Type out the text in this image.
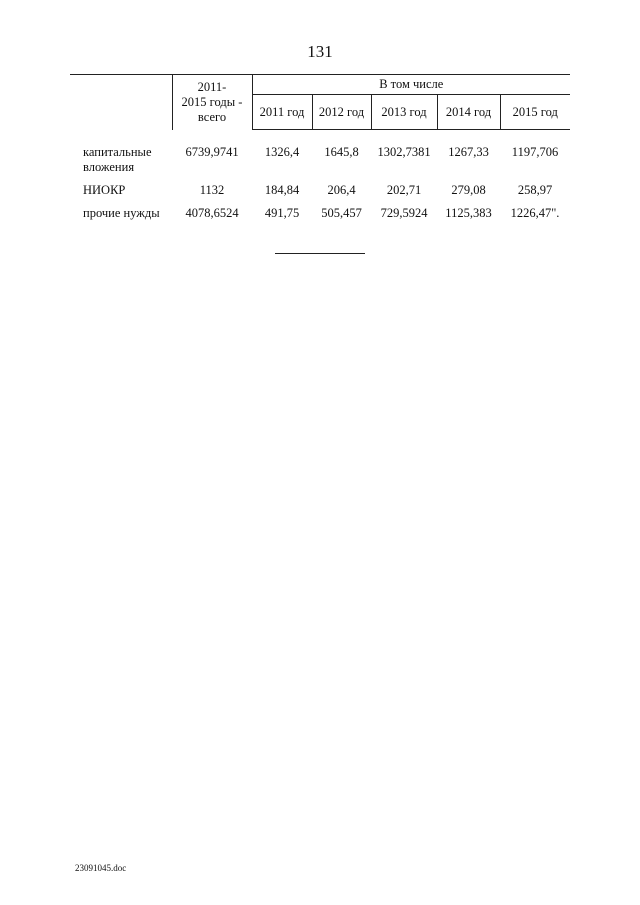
131
	2011-
2015 годы -
всего	В том числе				
		2011 год	2012 год	2013 год	2014 год	2015 год

капитальные
вложения	6739,9741	1326,4	1645,8	1302,7381	1267,33	1197,706
НИОКР	1132	184,84	206,4	202,71	279,08	258,97
прочие нужды	4078,6524	491,75	505,457	729,5924	1125,383	1226,47".
23091045.doc
